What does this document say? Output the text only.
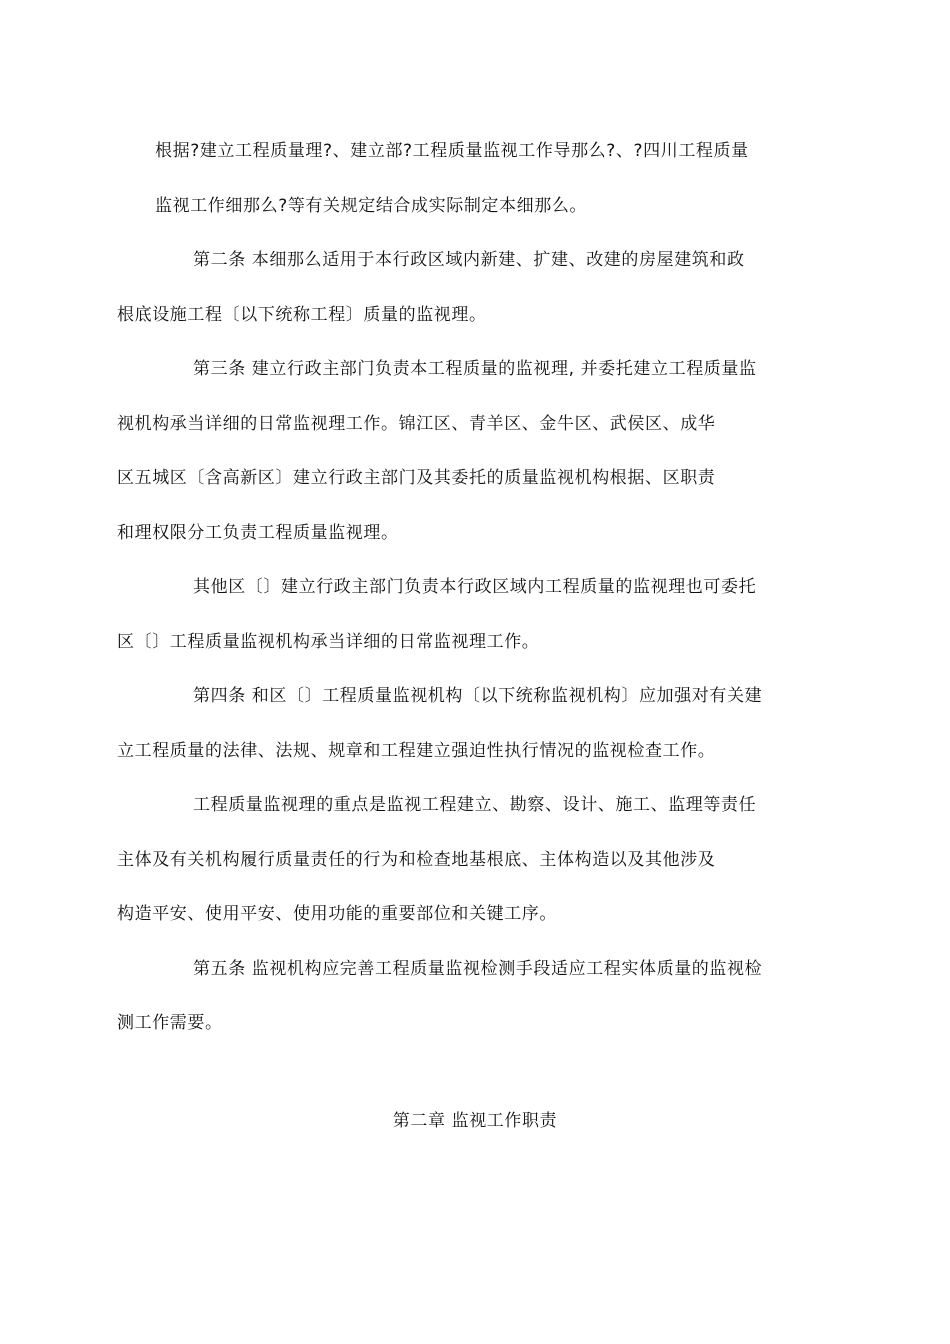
根据?建立工程质量理?、建立部?工程质量监视工作导那么?、?四川工程质量
监视工作细那么?等有关规定结合成实际制定本细那么。

第二条 本细那么适用于本行政区域内新建、扩建、改建的房屋建筑和政
根底设施工程〔以下统称工程〕质量的监视理。

第三条 建立行政主部门负责本工程质量的监视理, 并委托建立工程质量监
视机构承当详细的日常监视理工作。锦江区、青羊区、金牛区、武侯区、成华
区五城区〔含高新区〕建立行政主部门及其委托的质量监视机构根据、区职责
和理权限分工负责工程质量监视理。

其他区〔〕建立行政主部门负责本行政区域内工程质量的监视理也可委托
区〔〕工程质量监视机构承当详细的日常监视理工作。

第四条 和区〔〕工程质量监视机构〔以下统称监视机构〕应加强对有关建
立工程质量的法律、法规、规章和工程建立强迫性执行情况的监视检查工作。

工程质量监视理的重点是监视工程建立、勘察、设计、施工、监理等责任
主体及有关机构履行质量责任的行为和检查地基根底、主体构造以及其他涉及
构造平安、使用平安、使用功能的重要部位和关键工序。

第五条 监视机构应完善工程质量监视检测手段适应工程实体质量的监视检
测工作需要。

第二章 监视工作职责
